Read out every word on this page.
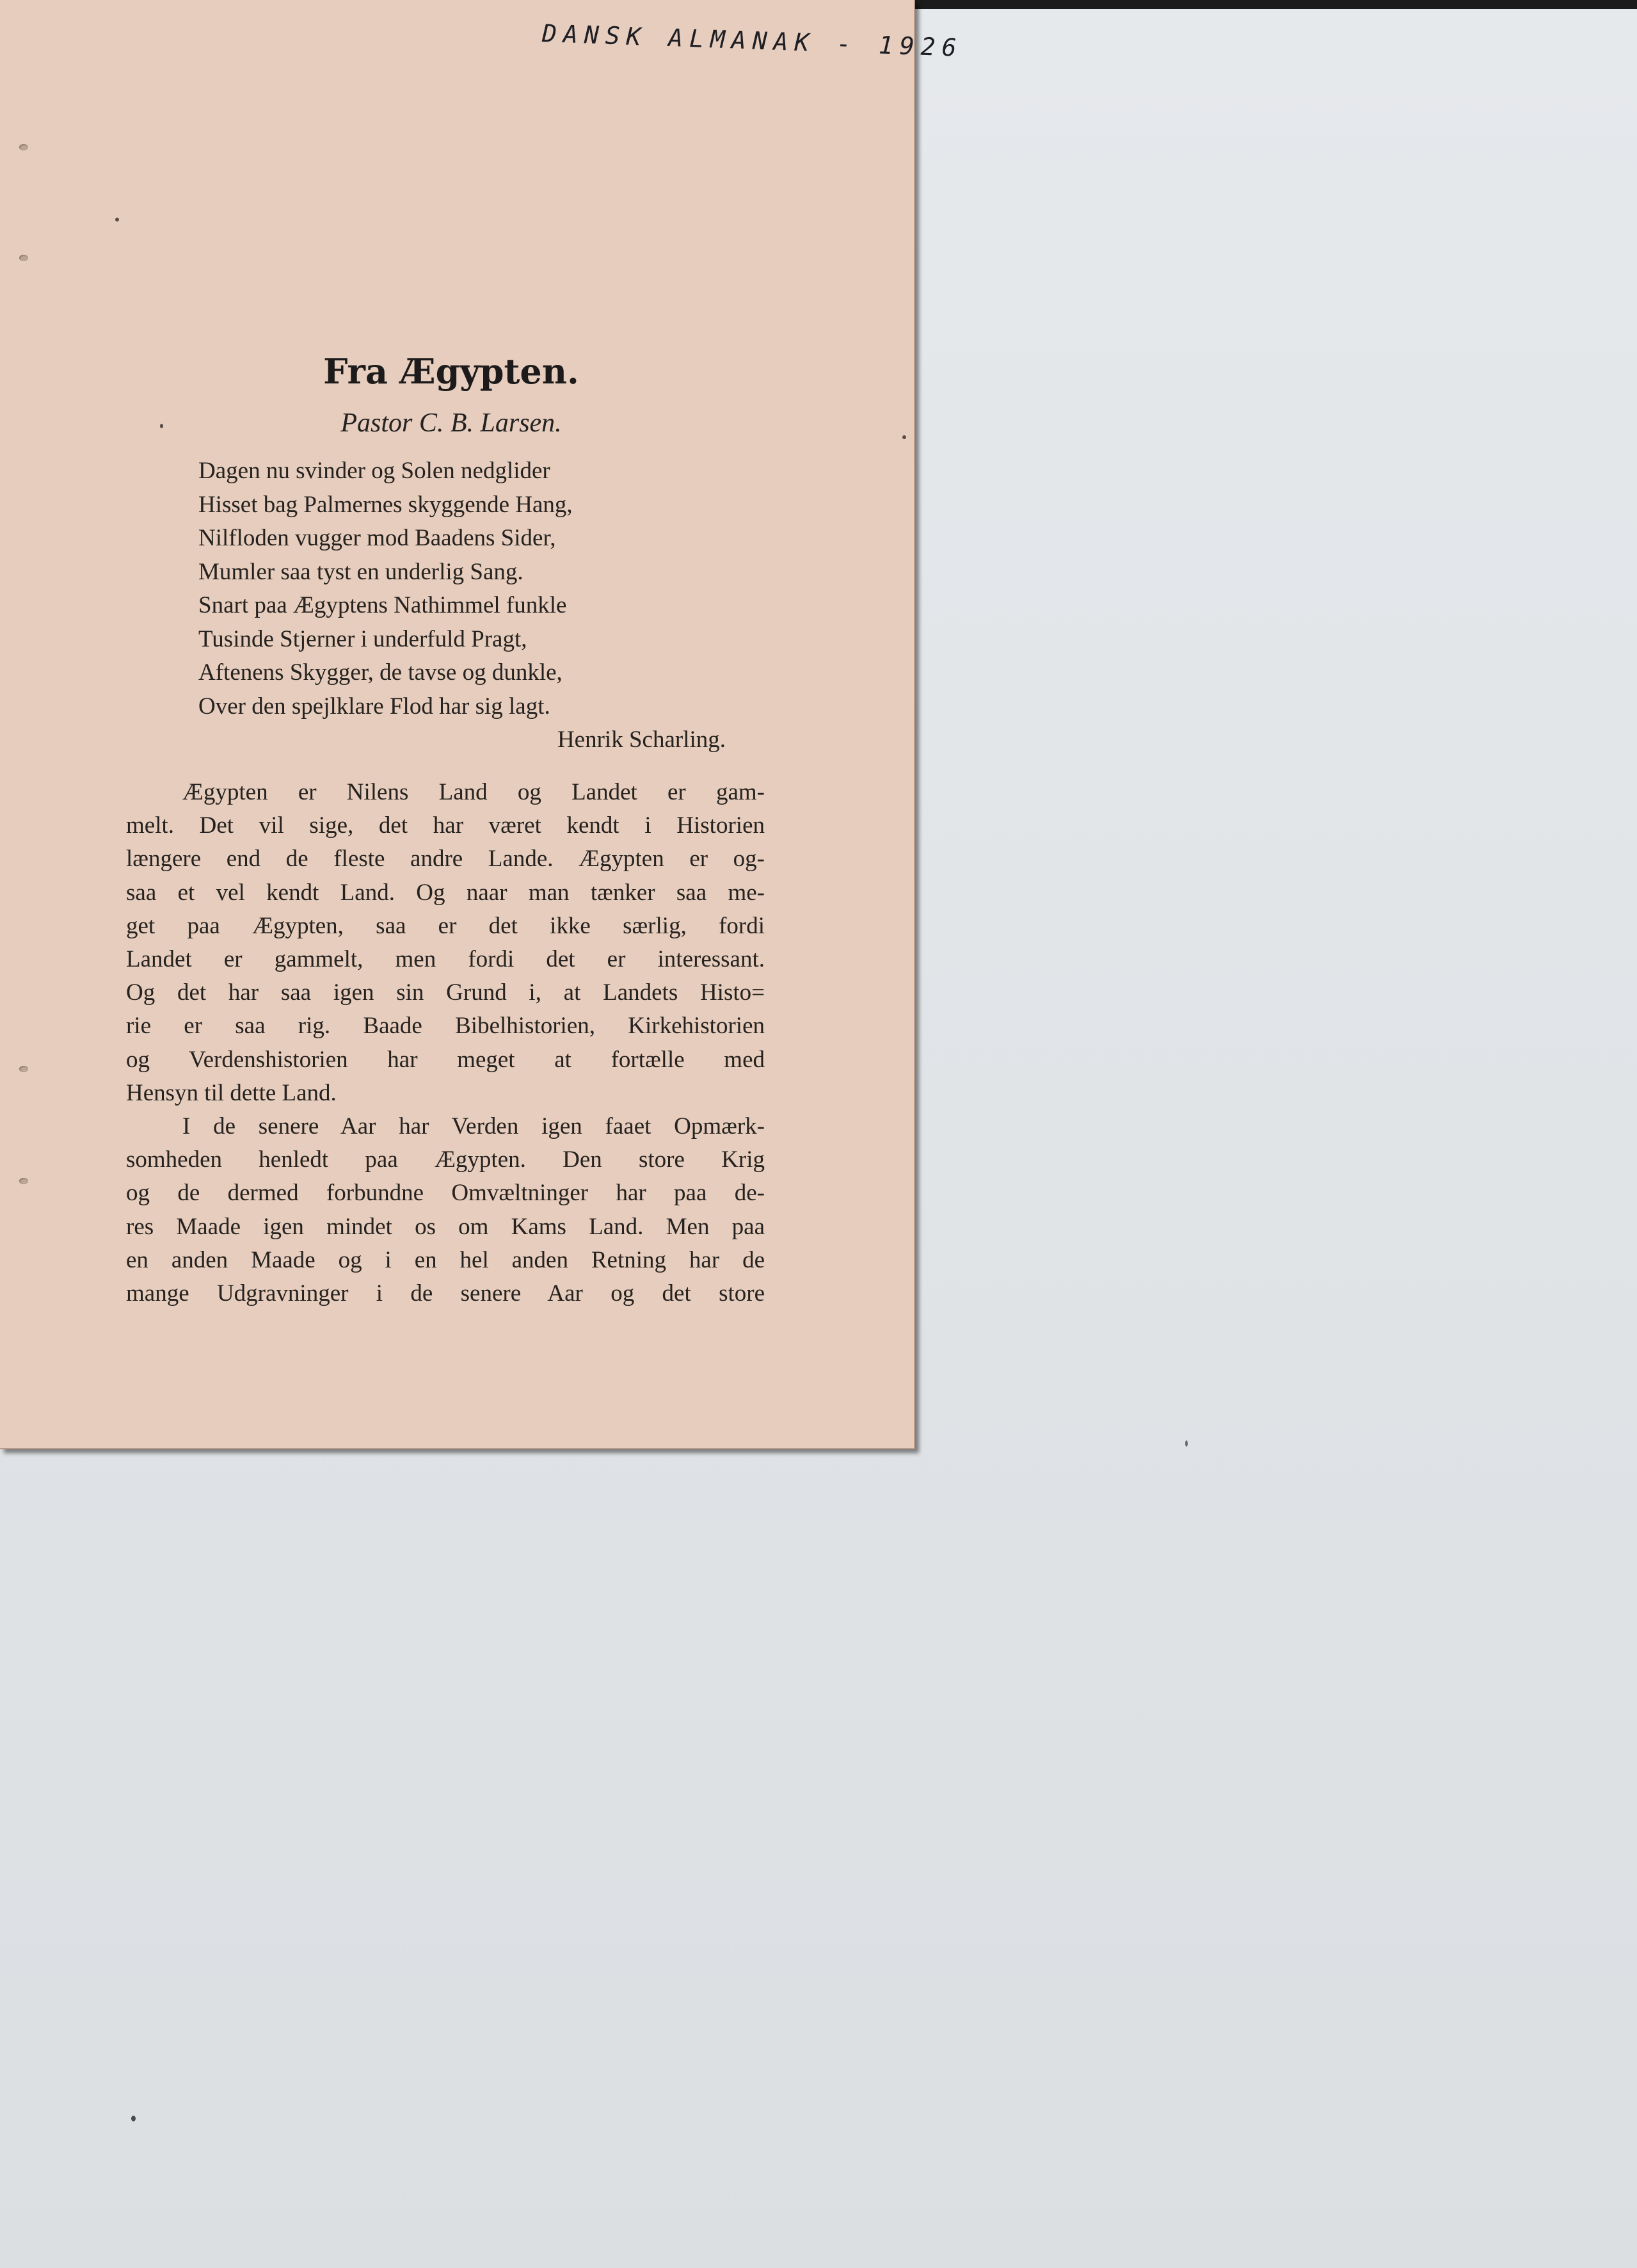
DANSK ALMANAK - 1926
Fra Ægypten.
Pastor C. B. Larsen.
Dagen nu svinder og Solen nedglider
Hisset bag Palmernes skyggende Hang,
Nilfloden vugger mod Baadens Sider,
Mumler saa tyst en underlig Sang.
Snart paa Ægyptens Nathimmel funkle
Tusinde Stjerner i underfuld Pragt,
Aftenens Skygger, de tavse og dunkle,
Over den spejlklare Flod har sig lagt.
Henrik Scharling.
Ægypten er Nilens Land og Landet er gam-
melt. Det vil sige, det har været kendt i Historien
længere end de fleste andre Lande. Ægypten er og-
saa et vel kendt Land. Og naar man tænker saa me-
get paa Ægypten, saa er det ikke særlig, fordi
Landet er gammelt, men fordi det er interessant.
Og det har saa igen sin Grund i, at Landets Histo=
rie er saa rig. Baade Bibelhistorien, Kirkehistorien
og Verdenshistorien har meget at fortælle med
Hensyn til dette Land.
I de senere Aar har Verden igen faaet Opmærk-
somheden henledt paa Ægypten. Den store Krig
og de dermed forbundne Omvæltninger har paa de-
res Maade igen mindet os om Kams Land. Men paa
en anden Maade og i en hel anden Retning har de
mange Udgravninger i de senere Aar og det store
